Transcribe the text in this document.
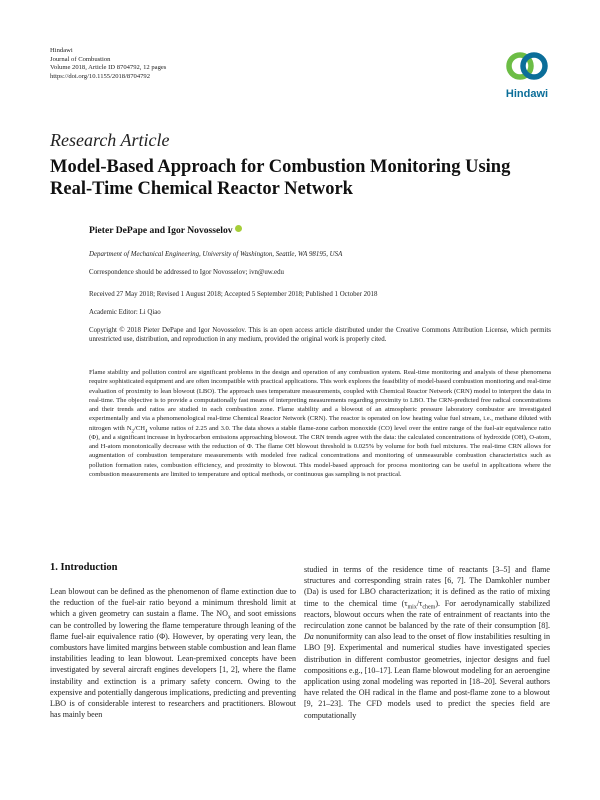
Hindawi
Journal of Combustion
Volume 2018, Article ID 8704792, 12 pages
https://doi.org/10.1155/2018/8704792
Hindawi
Research Article
Model-Based Approach for Combustion Monitoring Using Real-Time Chemical Reactor Network
Pieter DePape and Igor Novosselov
Department of Mechanical Engineering, University of Washington, Seattle, WA 98195, USA
Correspondence should be addressed to Igor Novosselov; ivn@uw.edu
Received 27 May 2018; Revised 1 August 2018; Accepted 5 September 2018; Published 1 October 2018
Academic Editor: Li Qiao
Copyright © 2018 Pieter DePape and Igor Novosselov. This is an open access article distributed under the Creative Commons Attribution License, which permits unrestricted use, distribution, and reproduction in any medium, provided the original work is properly cited.
Flame stability and pollution control are significant problems in the design and operation of any combustion system. Real-time monitoring and analysis of these phenomena require sophisticated equipment and are often incompatible with practical applications. This work explores the feasibility of model-based combustion monitoring and real-time evaluation of proximity to lean blowout (LBO). The approach uses temperature measurements, coupled with Chemical Reactor Network (CRN) model to interpret the data in real-time. The objective is to provide a computationally fast means of interpreting measurements regarding proximity to LBO. The CRN-predicted free radical concentrations and their trends and ratios are studied in each combustion zone. Flame stability and a blowout of an atmospheric pressure laboratory combustor are investigated experimentally and via a phenomenological real-time Chemical Reactor Network (CRN). The reactor is operated on low heating value fuel stream, i.e., methane diluted with nitrogen with $N_2/CH_4$ volume ratios of 2.25 and 3.0. The data shows a stable flame-zone carbon monoxide (CO) level over the entire range of the fuel-air equivalence ratio (Φ), and a significant increase in hydrocarbon emissions approaching blowout. The CRN trends agree with the data: the calculated concentrations of hydroxide (OH), O-atom, and H-atom monotonically decrease with the reduction of Φ. The flame OH blowout threshold is 0.025% by volume for both fuel mixtures. The real-time CRN allows for augmentation of combustion temperature measurements with modeled free radical concentrations and monitoring of unmeasurable combustion characteristics such as pollution formation rates, combustion efficiency, and proximity to blowout. This model-based approach for process monitoring can be useful in applications where the combustion measurements are limited to temperature and optical methods, or continuous gas sampling is not practical.
1. Introduction

Lean blowout can be defined as the phenomenon of flame extinction due to the reduction of the fuel-air ratio beyond a minimum threshold limit at which a given geometry can sustain a flame. The $NO_x$ and soot emissions can be controlled by lowering the flame temperature through leaning of the flame fuel-air equivalence ratio (Φ). However, by operating very lean, the combustors have limited margins between stable combustion and lean flame instabilities leading to lean blowout. Lean-premixed concepts have been investigated by several aircraft engines developers [1, 2], where the flame instability and extinction is a primary safety concern. Owing to the expensive and potentially dangerous implications, predicting and preventing LBO is of considerable interest to researchers and practitioners. Blowout has mainly been

studied in terms of the residence time of reactants [3–5] and flame structures and corresponding strain rates [6, 7]. The Damkohler number (Da) is used for LBO characterization; it is defined as the ratio of mixing time to the chemical time $(\tau_{mix}/\tau_{chem})$. For aerodynamically stabilized reactors, blowout occurs when the rate of entrainment of reactants into the recirculation zone cannot be balanced by the rate of their consumption [8]. Da nonuniformity can also lead to the onset of flow instabilities resulting in LBO [9]. Experimental and numerical studies have investigated species distribution in different combustor geometries, injector designs and fuel compositions e.g., [10–17]. Lean flame blowout modeling for an aeroengine application using zonal modeling was reported in [18–20]. Several authors have related the OH radical in the flame and post-flame zone to a blowout [9, 21–23]. The CFD models used to predict the species field are computationally
